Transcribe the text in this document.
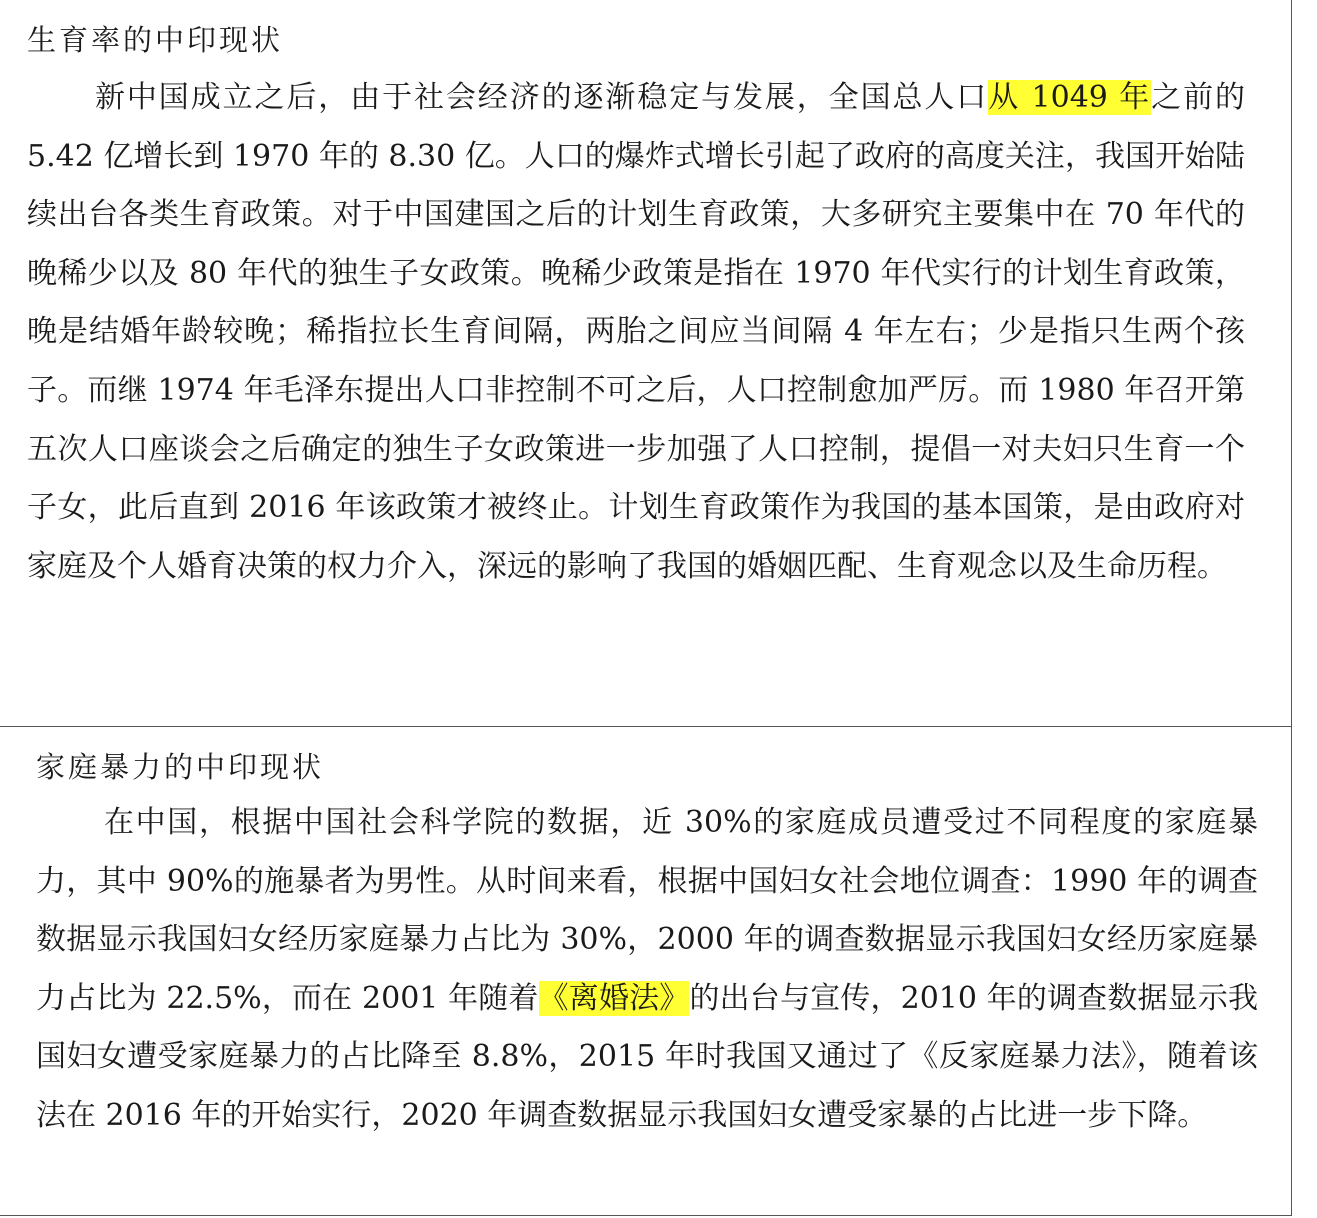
生育率的中印现状

新中国成立之后，由于社会经济的逐渐稳定与发展，全国总人口从 1049 年之前的 5.42 亿增长到 1970 年的 8.30 亿。人口的爆炸式增长引起了政府的高度关注，我国开始陆续出台各类生育政策。对于中国建国之后的计划生育政策，大多研究主要集中在 70 年代的晚稀少以及 80 年代的独生子女政策。晚稀少政策是指在 1970 年代实行的计划生育政策，晚是结婚年龄较晚；稀指拉长生育间隔，两胎之间应当间隔 4 年左右；少是指只生两个孩子。而继 1974 年毛泽东提出人口非控制不可之后，人口控制愈加严厉。而 1980 年召开第五次人口座谈会之后确定的独生子女政策进一步加强了人口控制，提倡一对夫妇只生育一个子女，此后直到 2016 年该政策才被终止。计划生育政策作为我国的基本国策，是由政府对家庭及个人婚育决策的权力介入，深远的影响了我国的婚姻匹配、生育观念以及生命历程。

家庭暴力的中印现状

在中国，根据中国社会科学院的数据，近 30%的家庭成员遭受过不同程度的家庭暴力，其中 90%的施暴者为男性。从时间来看，根据中国妇女社会地位调查：1990 年的调查数据显示我国妇女经历家庭暴力占比为 30%，2000 年的调查数据显示我国妇女经历家庭暴力占比为 22.5%，而在 2001 年随着《离婚法》的出台与宣传，2010 年的调查数据显示我国妇女遭受家庭暴力的占比降至 8.8%，2015 年时我国又通过了《反家庭暴力法》，随着该法在 2016 年的开始实行，2020 年调查数据显示我国妇女遭受家暴的占比进一步下降。
